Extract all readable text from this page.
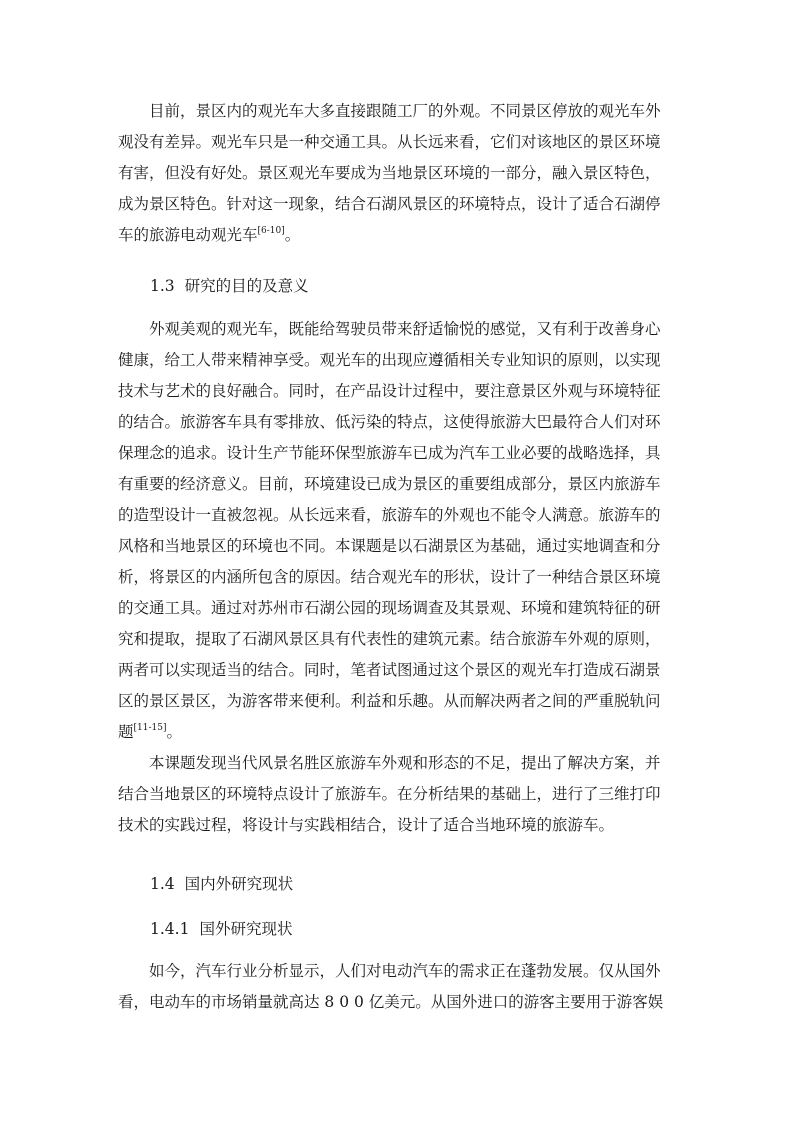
目前，景区内的观光车大多直接跟随工厂的外观。不同景区停放的观光车外
观没有差异。观光车只是一种交通工具。从长远来看，它们对该地区的景区环境
有害，但没有好处。景区观光车要成为当地景区环境的一部分，融入景区特色，
成为景区特色。针对这一现象，结合石湖风景区的环境特点，设计了适合石湖停
车的旅游电动观光车[6-10]。
1.3 研究的目的及意义
外观美观的观光车，既能给驾驶员带来舒适愉悦的感觉，又有利于改善身心
健康，给工人带来精神享受。观光车的出现应遵循相关专业知识的原则，以实现
技术与艺术的良好融合。同时，在产品设计过程中，要注意景区外观与环境特征
的结合。旅游客车具有零排放、低污染的特点，这使得旅游大巴最符合人们对环
保理念的追求。设计生产节能环保型旅游车已成为汽车工业必要的战略选择，具
有重要的经济意义。目前，环境建设已成为景区的重要组成部分，景区内旅游车
的造型设计一直被忽视。从长远来看，旅游车的外观也不能令人满意。旅游车的
风格和当地景区的环境也不同。本课题是以石湖景区为基础，通过实地调查和分
析，将景区的内涵所包含的原因。结合观光车的形状，设计了一种结合景区环境
的交通工具。通过对苏州市石湖公园的现场调查及其景观、环境和建筑特征的研
究和提取，提取了石湖风景区具有代表性的建筑元素。结合旅游车外观的原则，
两者可以实现适当的结合。同时，笔者试图通过这个景区的观光车打造成石湖景
区的景区景区，为游客带来便利。利益和乐趣。从而解决两者之间的严重脱轨问
题[11-15]。
本课题发现当代风景名胜区旅游车外观和形态的不足，提出了解决方案，并
结合当地景区的环境特点设计了旅游车。在分析结果的基础上，进行了三维打印
技术的实践过程，将设计与实践相结合，设计了适合当地环境的旅游车。
1.4 国内外研究现状
1.4.1 国外研究现状
如今，汽车行业分析显示，人们对电动汽车的需求正在蓬勃发展。仅从国外
看，电动车的市场销量就高达 8 0 0 亿美元。从国外进口的游客主要用于游客娱
